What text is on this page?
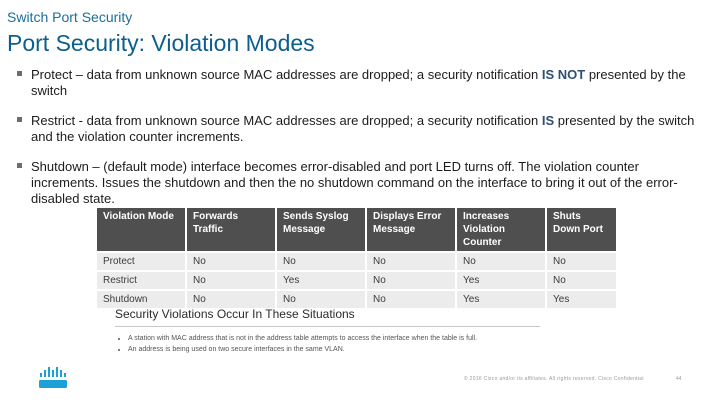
Switch Port Security
Port Security: Violation Modes
Protect – data from unknown source MAC addresses are dropped; a security notification IS NOT presented by the switch
Restrict - data from unknown source MAC addresses are dropped; a security notification IS presented by the switch and the violation counter increments.
Shutdown – (default mode) interface becomes error-disabled and port LED turns off. The violation counter increments. Issues the shutdown and then the no shutdown command on the interface to bring it out of the error-disabled state.
Violation Mode	Forwards Traffic	Sends Syslog Message	Displays Error Message	Increases Violation Counter	Shuts Down Port
Protect	No	No	No	No	No
Restrict	No	Yes	No	Yes	No
Shutdown	No	No	No	Yes	Yes
Security Violations Occur In These Situations
• A station with MAC address that is not in the address table attempts to access the interface when the table is full.
• An address is being used on two secure interfaces in the same VLAN.
© 2016 Cisco and/or its affiliates. All rights reserved. Cisco Confidential	44
